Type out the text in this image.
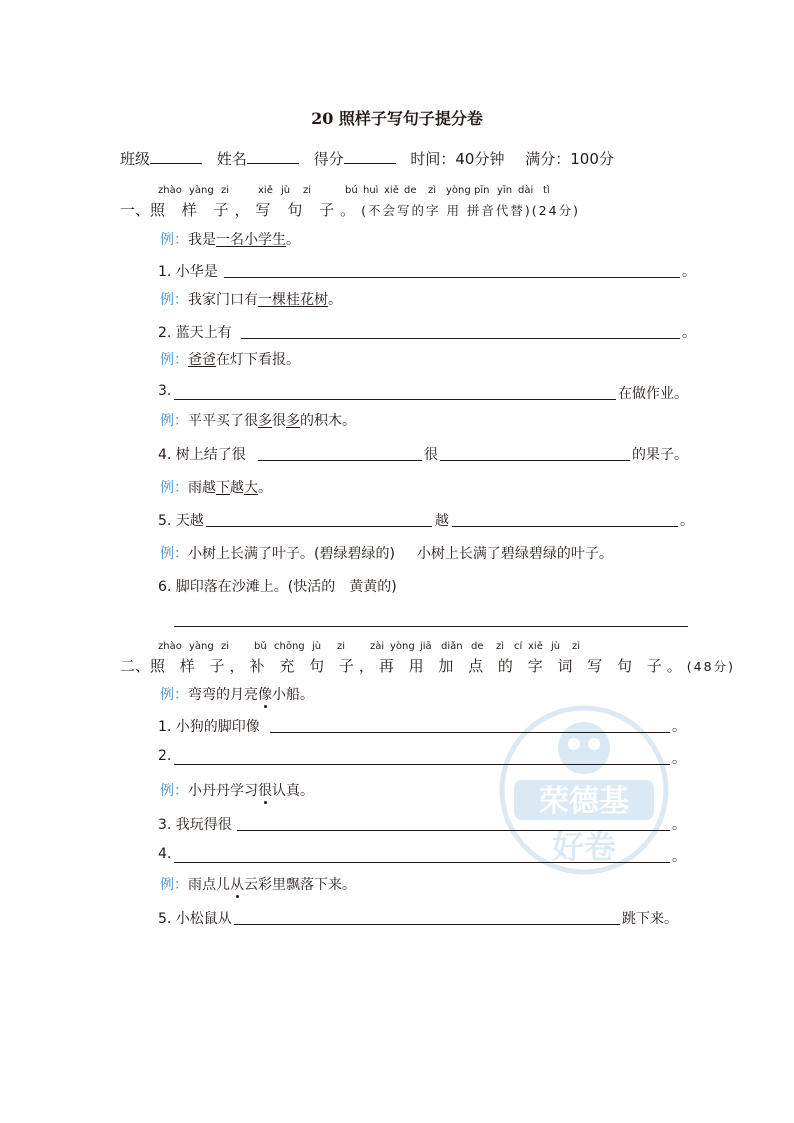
20 照样子写句子提分卷
班级	姓名	得分	时间：40分钟 满分：100分
zhào yàng zi	xiě jù zi	bú huì xiě de zì yòng pīn yīn dài tì
一、照 样 子，写 句 子。(不会写的字 用 拼音代替)(24分)
例：我是一名小学生。
1. 小华是	。
例：我家门口有一棵桂花树。
2. 蓝天上有	。
例：爸爸在灯下看报。
3.	在做作业。
例：平平买了很多很多的积木。
4. 树上结了很	很	的果子。
例：雨越下越大。
5. 天越	越	。
例：小树上长满了叶子。(碧绿碧绿的) 小树上长满了碧绿碧绿的叶子。
6. 脚印落在沙滩上。(快活的　黄黄的)
zhào yàng zi bǔ chōng jù zi zài yòng jiā diǎn de zì cí xiě jù zi
二、照 样 子，补 充 句 子，再 用 加 点 的 字 词 写 句 子。(48分)
荣德基
好卷
例：弯弯的月亮像小船。
1. 小狗的脚印像	。
2.	。
例：小丹丹学习很认真。
3. 我玩得很	。
4.	。
例：雨点儿从云彩里飘落下来。
5. 小松鼠从	跳下来。
